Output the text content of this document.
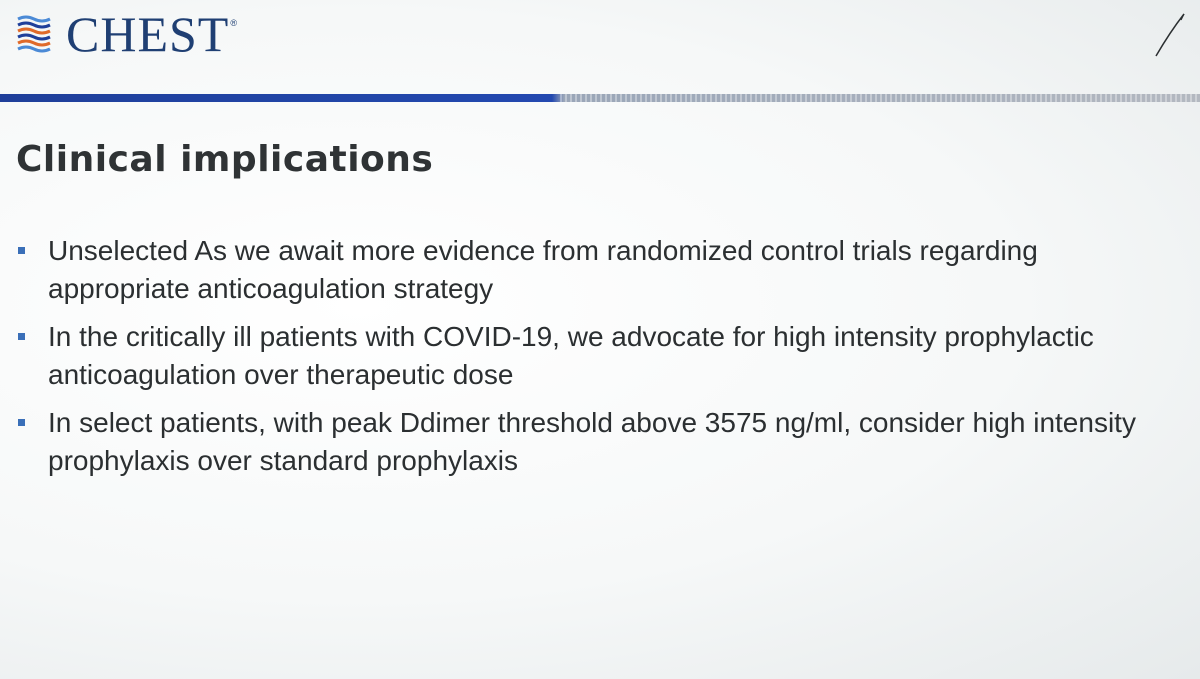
CHEST ®
Clinical implications
Unselected As we await more evidence from randomized control trials regarding appropriate anticoagulation strategy
In the critically ill patients with COVID-19, we advocate for high intensity prophylactic anticoagulation over therapeutic dose
In select patients, with peak Ddimer threshold above 3575 ng/ml, consider high intensity prophylaxis over standard prophylaxis
